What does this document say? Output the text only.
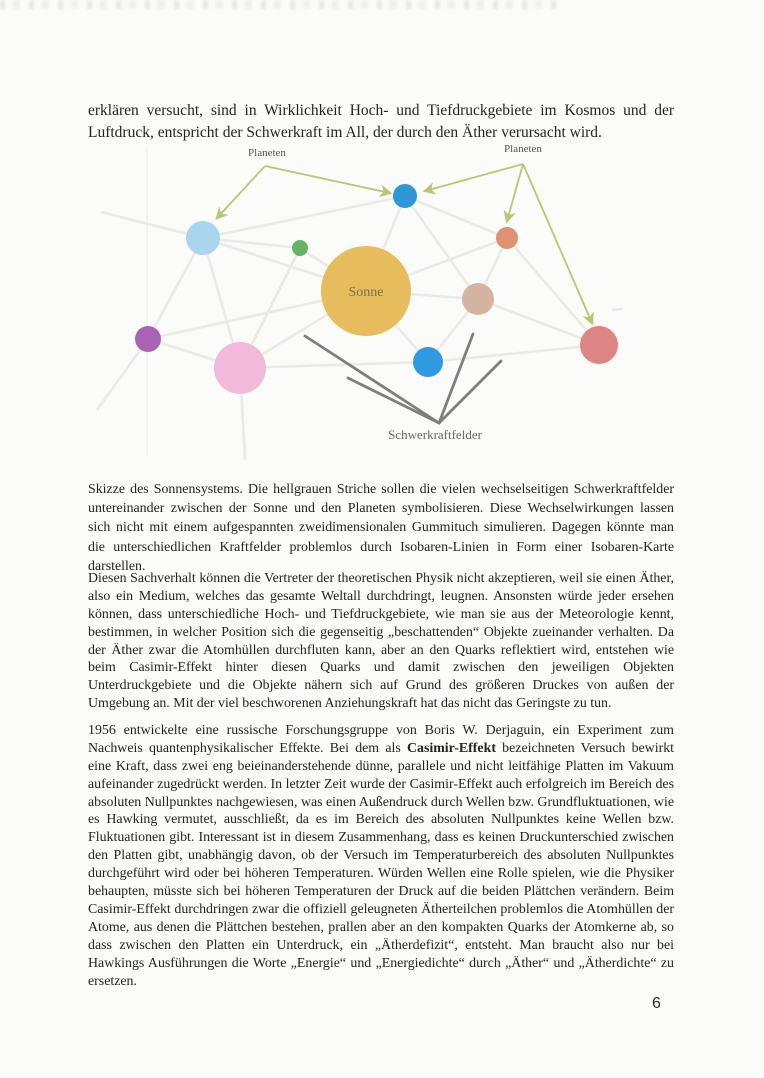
erklären versucht, sind in Wirklichkeit Hoch- und Tiefdruckgebiete im Kosmos und der Luftdruck, entspricht der Schwerkraft im All, der durch den Äther verursacht wird.

Planeten	Planeten
Sonne
Schwerkraftfelder

Skizze des Sonnensystems. Die hellgrauen Striche sollen die vielen wechselseitigen Schwerkraftfelder untereinander zwischen der Sonne und den Planeten symbolisieren. Diese Wechselwirkungen lassen sich nicht mit einem aufgespannten zweidimensionalen Gummituch simulieren. Dagegen könnte man die unterschiedlichen Kraftfelder problemlos durch Isobaren-Linien in Form einer Isobaren-Karte darstellen.

Diesen Sachverhalt können die Vertreter der theoretischen Physik nicht akzeptieren, weil sie einen Äther, also ein Medium, welches das gesamte Weltall durchdringt, leugnen. Ansonsten würde jeder ersehen können, dass unterschiedliche Hoch- und Tiefdruckgebiete, wie man sie aus der Meteorologie kennt, bestimmen, in welcher Position sich die gegenseitig „beschattenden“ Objekte zueinander verhalten. Da der Äther zwar die Atomhüllen durchfluten kann, aber an den Quarks reflektiert wird, entstehen wie beim Casimir-Effekt hinter diesen Quarks und damit zwischen den jeweiligen Objekten Unterdruckgebiete und die Objekte nähern sich auf Grund des größeren Druckes von außen der Umgebung an. Mit der viel beschworenen Anziehungskraft hat das nicht das Geringste zu tun.

1956 entwickelte eine russische Forschungsgruppe von Boris W. Derjaguin, ein Experiment zum Nachweis quantenphysikalischer Effekte. Bei dem als Casimir-Effekt bezeichneten Versuch bewirkt eine Kraft, dass zwei eng beieinanderstehende dünne, parallele und nicht leitfähige Platten im Vakuum aufeinander zugedrückt werden. In letzter Zeit wurde der Casimir-Effekt auch erfolgreich im Bereich des absoluten Nullpunktes nachgewiesen, was einen Außendruck durch Wellen bzw. Grundfluktuationen, wie es Hawking vermutet, ausschließt, da es im Bereich des absoluten Nullpunktes keine Wellen bzw. Fluktuationen gibt. Interessant ist in diesem Zusammenhang, dass es keinen Druckunterschied zwischen den Platten gibt, unabhängig davon, ob der Versuch im Temperaturbereich des absoluten Nullpunktes durchgeführt wird oder bei höheren Temperaturen. Würden Wellen eine Rolle spielen, wie die Physiker behaupten, müsste sich bei höheren Temperaturen der Druck auf die beiden Plättchen verändern. Beim Casimir-Effekt durchdringen zwar die offiziell geleugneten Ätherteilchen problemlos die Atomhüllen der Atome, aus denen die Plättchen bestehen, prallen aber an den kompakten Quarks der Atomkerne ab, so dass zwischen den Platten ein Unterdruck, ein „Ätherdefizit“, entsteht. Man braucht also nur bei Hawkings Ausführungen die Worte „Energie“ und „Energiedichte“ durch „Äther“ und „Ätherdichte“ zu ersetzen.

6
